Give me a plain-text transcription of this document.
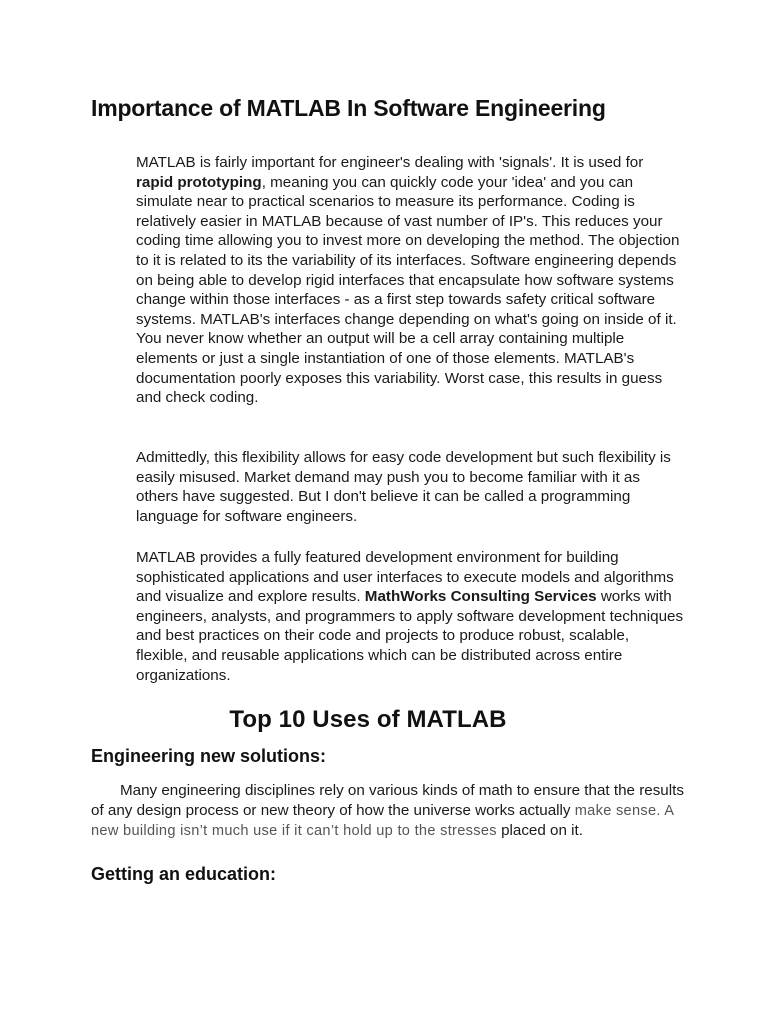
Importance of MATLAB In Software Engineering

MATLAB is fairly important for engineer's dealing with 'signals'. It is used for rapid prototyping, meaning you can quickly code your 'idea' and you can simulate near to practical scenarios to measure its performance. Coding is relatively easier in MATLAB because of vast number of IP's. This reduces your coding time allowing you to invest more on developing the method. The objection to it is related to its the variability of its interfaces. Software engineering depends on being able to develop rigid interfaces that encapsulate how software systems change within those interfaces - as a first step towards safety critical software systems. MATLAB's interfaces change depending on what's going on inside of it. You never know whether an output will be a cell array containing multiple elements or just a single instantiation of one of those elements. MATLAB's documentation poorly exposes this variability. Worst case, this results in guess and check coding.

Admittedly, this flexibility allows for easy code development but such flexibility is easily misused. Market demand may push you to become familiar with it as others have suggested. But I don't believe it can be called a programming language for software engineers.

MATLAB provides a fully featured development environment for building sophisticated applications and user interfaces to execute models and algorithms and visualize and explore results. MathWorks Consulting Services works with engineers, analysts, and programmers to apply software development techniques and best practices on their code and projects to produce robust, scalable, flexible, and reusable applications which can be distributed across entire organizations.

Top 10 Uses of MATLAB
Engineering new solutions:

Many engineering disciplines rely on various kinds of math to ensure that the results of any design process or new theory of how the universe works actually make sense. A new building isn’t much use if it can’t hold up to the stresses placed on it.

Getting an education:
